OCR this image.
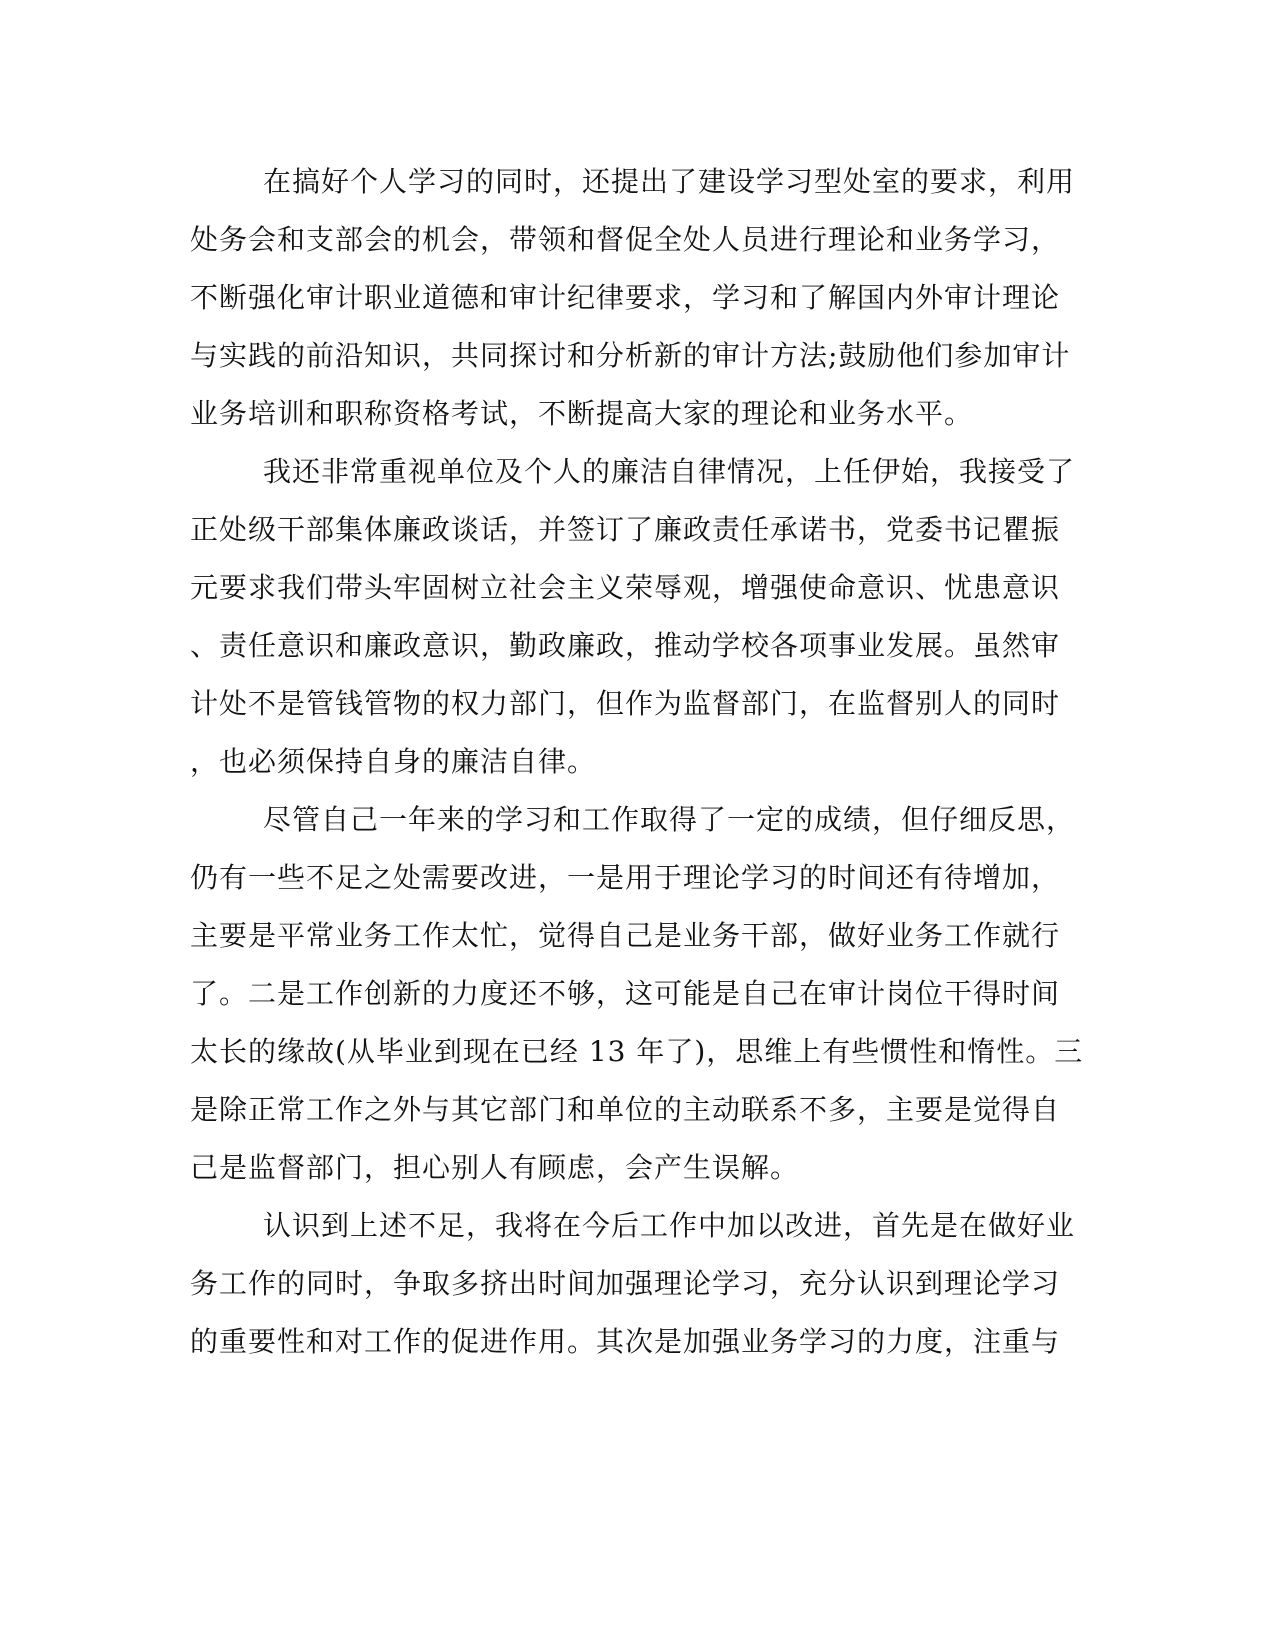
在搞好个人学习的同时，还提出了建设学习型处室的要求，利用

处务会和支部会的机会，带领和督促全处人员进行理论和业务学习，

不断强化审计职业道德和审计纪律要求，学习和了解国内外审计理论

与实践的前沿知识，共同探讨和分析新的审计方法;鼓励他们参加审计

业务培训和职称资格考试，不断提高大家的理论和业务水平。

我还非常重视单位及个人的廉洁自律情况，上任伊始，我接受了

正处级干部集体廉政谈话，并签订了廉政责任承诺书，党委书记瞿振

元要求我们带头牢固树立社会主义荣辱观，增强使命意识、忧患意识

、责任意识和廉政意识，勤政廉政，推动学校各项事业发展。虽然审

计处不是管钱管物的权力部门，但作为监督部门，在监督别人的同时

，也必须保持自身的廉洁自律。

尽管自己一年来的学习和工作取得了一定的成绩，但仔细反思，

仍有一些不足之处需要改进，一是用于理论学习的时间还有待增加，

主要是平常业务工作太忙，觉得自己是业务干部，做好业务工作就行

了。二是工作创新的力度还不够，这可能是自己在审计岗位干得时间

太长的缘故(从毕业到现在已经 13 年了)，思维上有些惯性和惰性。三

是除正常工作之外与其它部门和单位的主动联系不多，主要是觉得自

己是监督部门，担心别人有顾虑，会产生误解。

认识到上述不足，我将在今后工作中加以改进，首先是在做好业

务工作的同时，争取多挤出时间加强理论学习，充分认识到理论学习

的重要性和对工作的促进作用。其次是加强业务学习的力度，注重与
